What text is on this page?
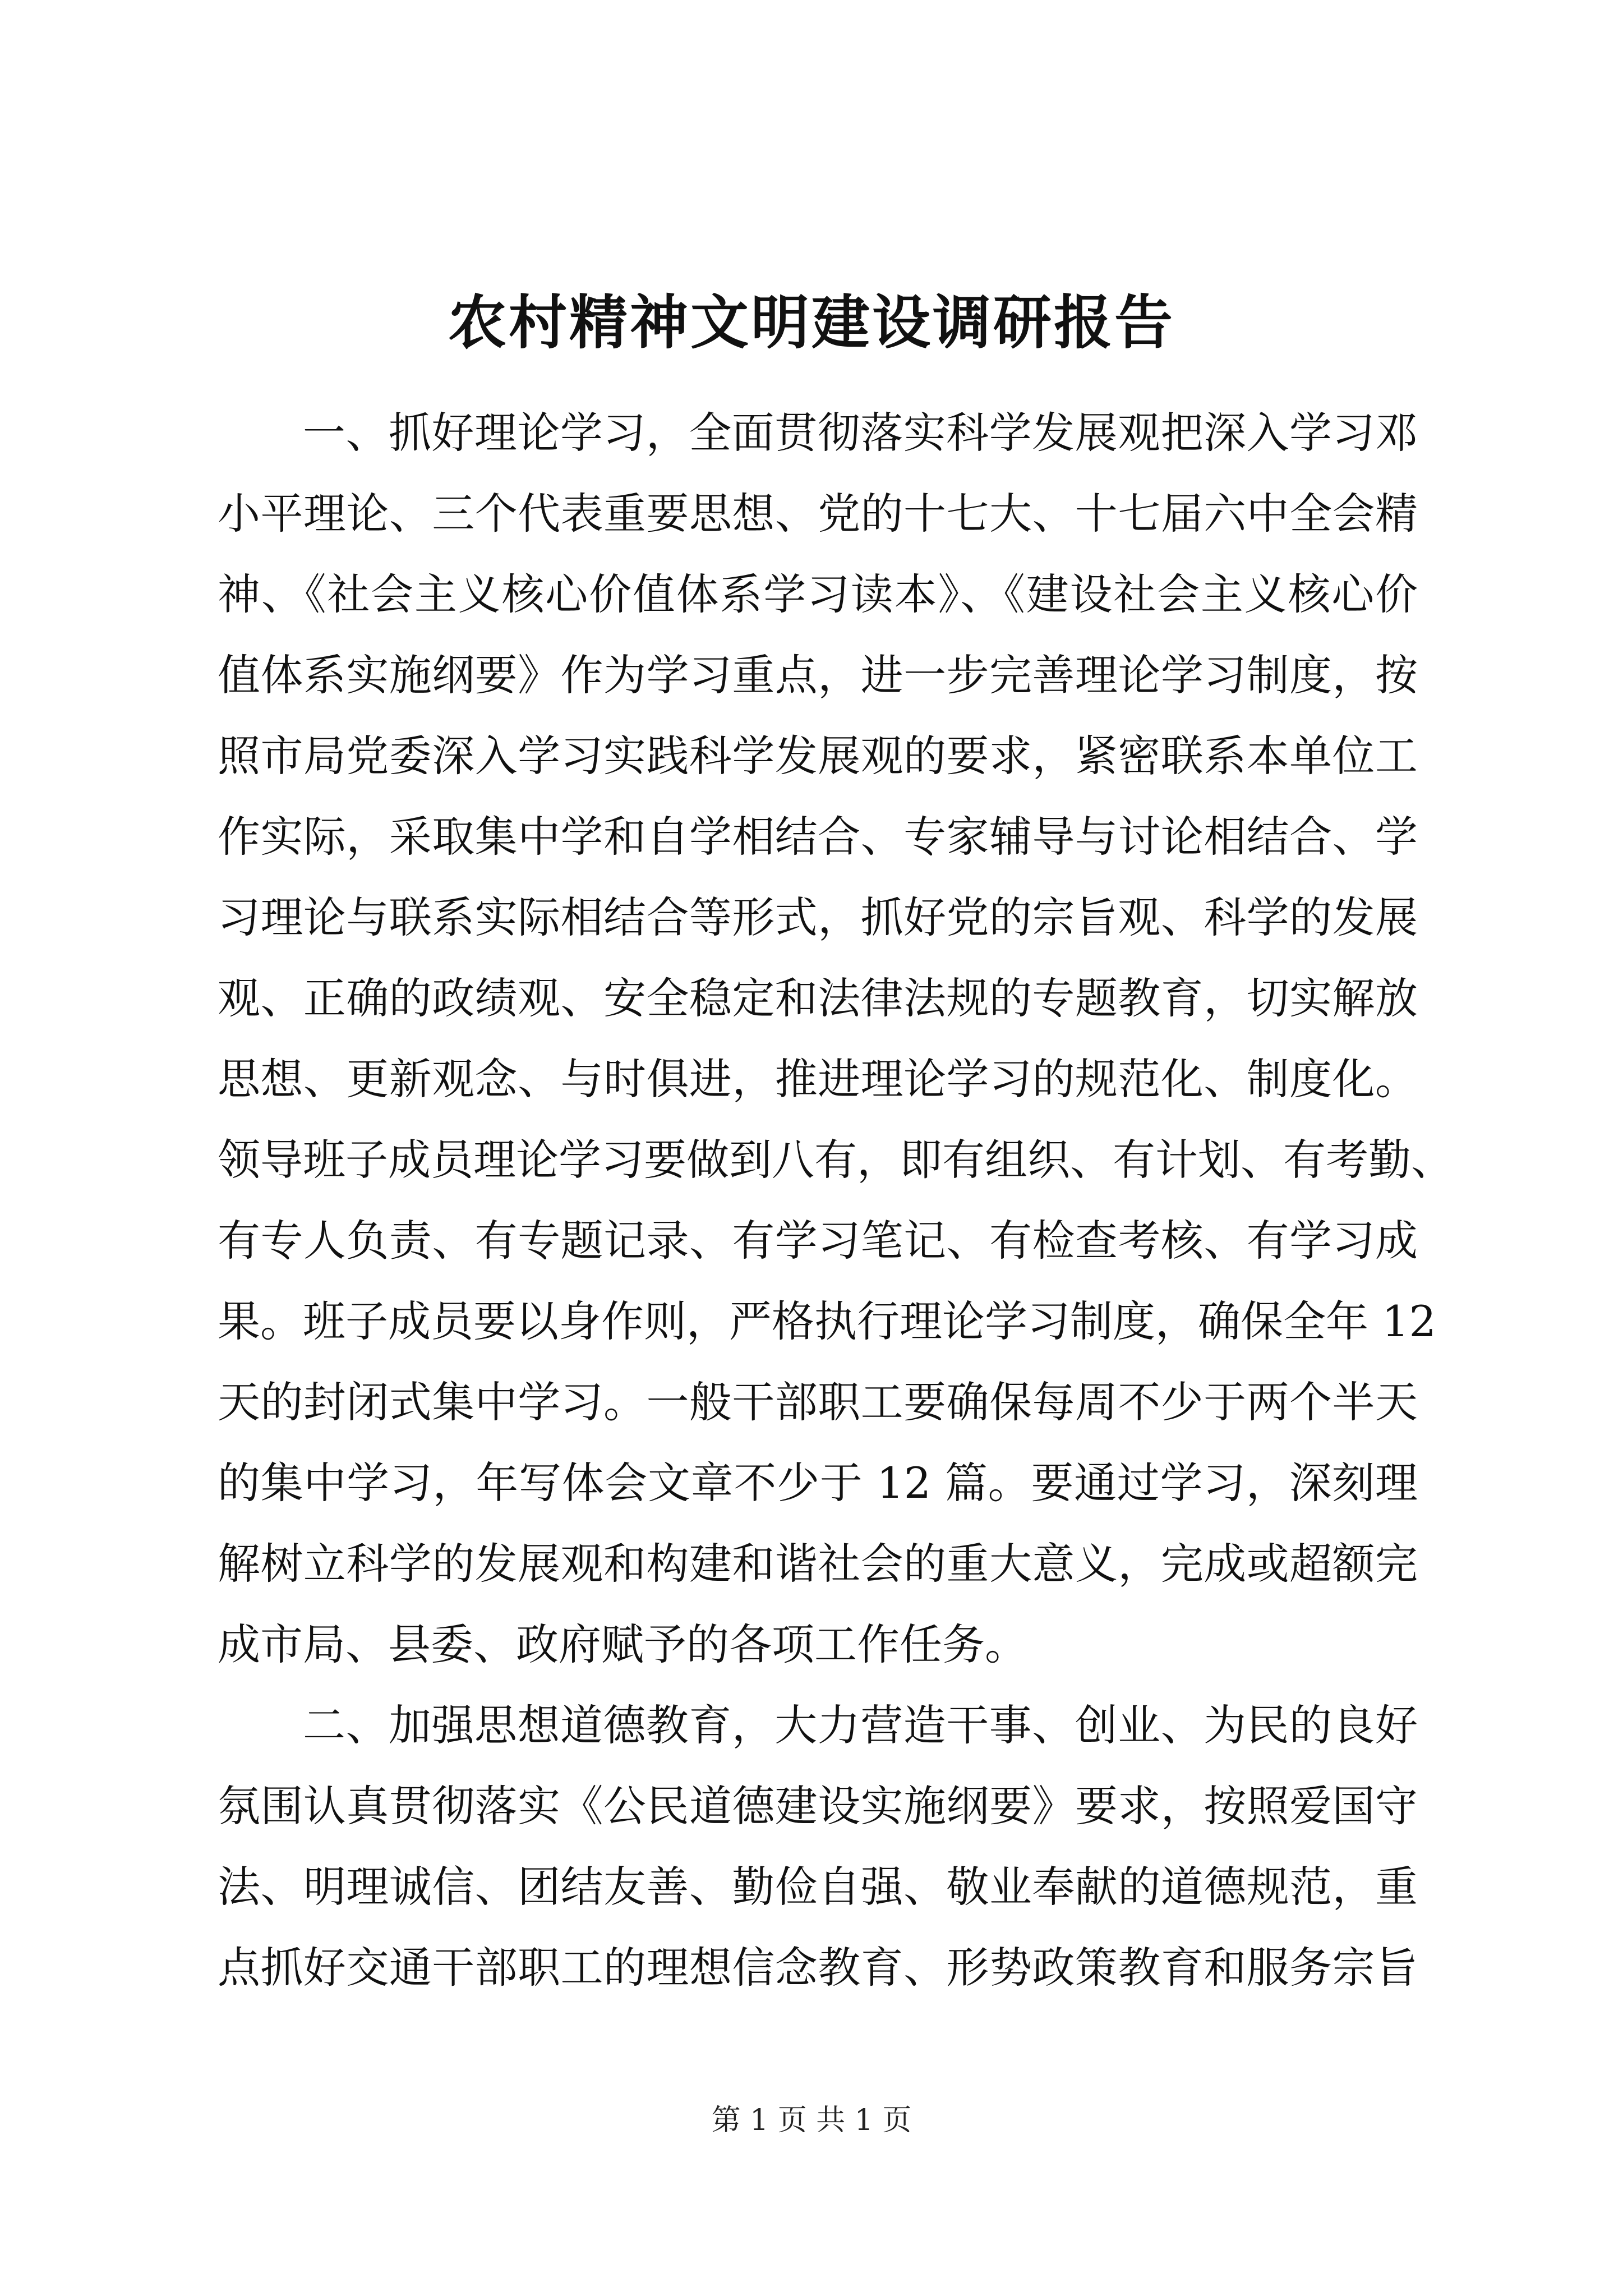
农村精神文明建设调研报告
一、抓好理论学习，全面贯彻落实科学发展观把深入学习邓
小平理论、三个代表重要思想、党的十七大、十七届六中全会精
神、《社会主义核心价值体系学习读本》、《建设社会主义核心价
值体系实施纲要》作为学习重点，进一步完善理论学习制度，按
照市局党委深入学习实践科学发展观的要求，紧密联系本单位工
作实际，采取集中学和自学相结合、专家辅导与讨论相结合、学
习理论与联系实际相结合等形式，抓好党的宗旨观、科学的发展
观、正确的政绩观、安全稳定和法律法规的专题教育，切实解放
思想、更新观念、与时俱进，推进理论学习的规范化、制度化。
领导班子成员理论学习要做到八有，即有组织、有计划、有考勤、
有专人负责、有专题记录、有学习笔记、有检查考核、有学习成
果。班子成员要以身作则，严格执行理论学习制度，确保全年 12
天的封闭式集中学习。一般干部职工要确保每周不少于两个半天
的集中学习，年写体会文章不少于 12 篇。要通过学习，深刻理
解树立科学的发展观和构建和谐社会的重大意义，完成或超额完
成市局、县委、政府赋予的各项工作任务。
二、加强思想道德教育，大力营造干事、创业、为民的良好
氛围认真贯彻落实《公民道德建设实施纲要》要求，按照爱国守
法、明理诚信、团结友善、勤俭自强、敬业奉献的道德规范，重
点抓好交通干部职工的理想信念教育、形势政策教育和服务宗旨
第 1 页 共 1 页
